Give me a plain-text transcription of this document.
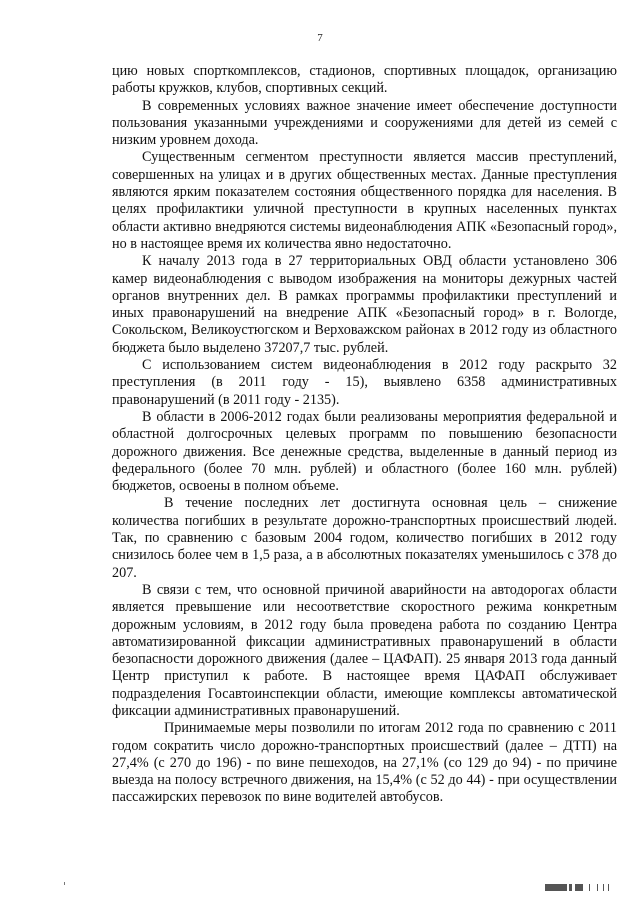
7

цию новых спорткомплексов, стадионов, спортивных площадок, организацию работы кружков, клубов, спортивных секций.

В современных условиях важное значение имеет обеспечение доступности пользования указанными учреждениями и сооружениями для детей из семей с низким уровнем дохода.

Существенным сегментом преступности является массив преступлений, совершенных на улицах и в других общественных местах. Данные преступления являются ярким показателем состояния общественного порядка для населения. В целях профилактики уличной преступности в крупных населенных пунктах области активно внедряются системы видеонаблюдения АПК «Безопасный город», но в настоящее время их количества явно недостаточно.

К началу 2013 года в 27 территориальных ОВД области установлено 306 камер видеонаблюдения с выводом изображения на мониторы дежурных частей органов внутренних дел. В рамках программы профилактики преступлений и иных правонарушений на внедрение АПК «Безопасный город» в г. Вологде, Сокольском, Великоустюгском и Верховажском районах в 2012 году из областного бюджета было выделено 37207,7 тыс. рублей.

С использованием систем видеонаблюдения в 2012 году раскрыто 32 преступления (в 2011 году - 15), выявлено 6358 административных правонарушений (в 2011 году - 2135).

В области в 2006-2012 годах были реализованы мероприятия федеральной и областной долгосрочных целевых программ по повышению безопасности дорожного движения. Все денежные средства, выделенные в данный период из федерального (более 70 млн. рублей) и областного (более 160 млн. рублей) бюджетов, освоены в полном объеме.

В течение последних лет достигнута основная цель – снижение количества погибших в результате дорожно-транспортных происшествий людей. Так, по сравнению с базовым 2004 годом, количество погибших в 2012 году снизилось более чем в 1,5 раза, а в абсолютных показателях уменьшилось с 378 до 207.

В связи с тем, что основной причиной аварийности на автодорогах области является превышение или несоответствие скоростного режима конкретным дорожным условиям, в 2012 году была проведена работа по созданию Центра автоматизированной фиксации административных правонарушений в области безопасности дорожного движения (далее – ЦАФАП). 25 января 2013 года данный Центр приступил к работе. В настоящее время ЦАФАП обслуживает подразделения Госавтоинспекции области, имеющие комплексы автоматической фиксации административных правонарушений.

Принимаемые меры позволили по итогам 2012 года по сравнению с 2011 годом сократить число дорожно-транспортных происшествий (далее – ДТП) на 27,4% (с 270 до 196) - по вине пешеходов, на 27,1% (со 129 до 94) - по причине выезда на полосу встречного движения, на 15,4% (с 52 до 44) - при осуществлении пассажирских перевозок по вине водителей автобусов.
